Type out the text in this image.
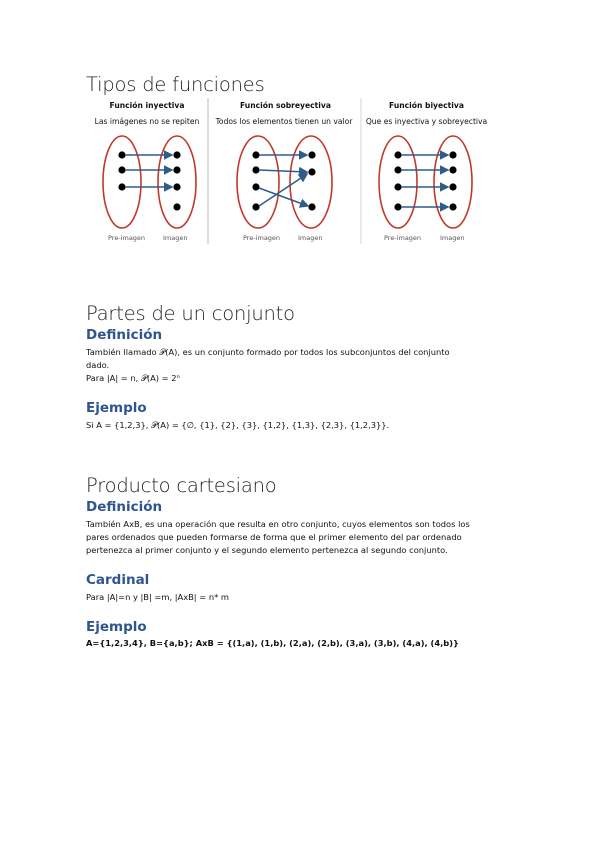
Tipos de funciones
Función inyectiva
Las imágenes no se repiten
Función sobreyectiva
Todos los elementos tienen un valor
Función biyectiva
Que es inyectiva y sobreyectiva
Pre-imagen	Imagen	Pre-imagen	Imagen	Pre-imagen	Imagen
Partes de un conjunto
Definición
También llamado 𝒫(A), es un conjunto formado por todos los subconjuntos del conjunto
dado.
Para |A| = n, 𝒫(A) = 2ⁿ
Ejemplo
Si A = {1,2,3}, 𝒫(A) = {∅, {1}, {2}, {3}, {1,2}, {1,3}, {2,3}, {1,2,3}}.
Producto cartesiano
Definición
También AxB, es una operación que resulta en otro conjunto, cuyos elementos son todos los
pares ordenados que pueden formarse de forma que el primer elemento del par ordenado
pertenezca al primer conjunto y el segundo elemento pertenezca al segundo conjunto.
Cardinal
Para |A|=n y |B| =m, |AxB| = n* m
Ejemplo
A={1,2,3,4}, B={a,b}; AxB = {(1,a), (1,b), (2,a), (2,b), (3,a), (3,b), (4,a), (4,b)}
